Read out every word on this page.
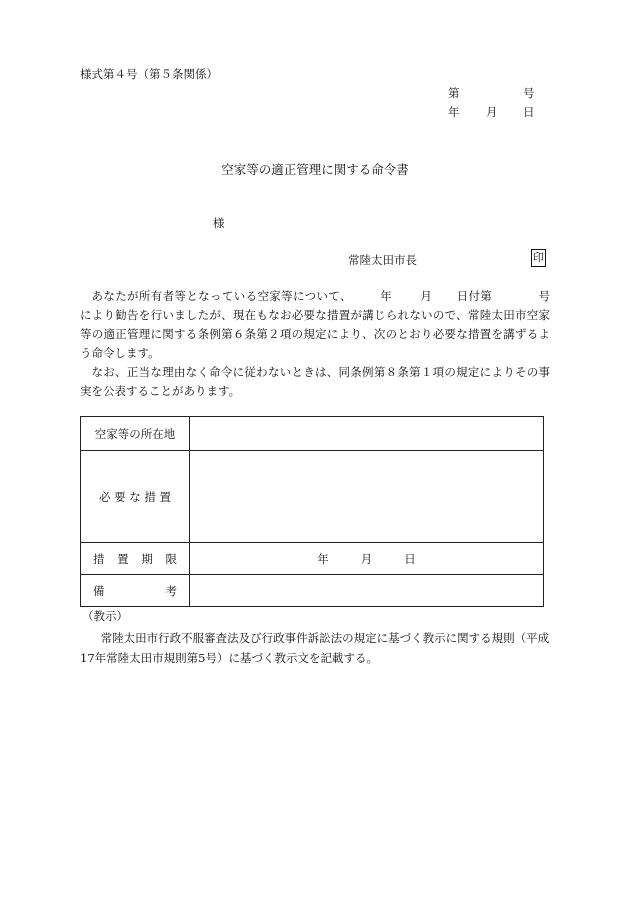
様式第４号（第５条関係）
第	号
年 月 日
空家等の適正管理に関する命令書
様
常陸太田市長	印

あなたが所有者等となっている空家等について、 年 月 日付第	号により勧告を行いましたが、現在もなお必要な措置が講じられないので、常陸太田市空家等の適正管理に関する条例第６条第２項の規定により、次のとおり必要な措置を講ずるよう命令します。

なお、正当な理由なく命令に従わないときは、同条例第８条第１項の規定によりその事実を公表することがあります。

空家等の所在地	
必 要 な 措 置	

措 置 期 限	年 月 日

備 考	

（教示）

常陸太田市行政不服審査法及び行政事件訴訟法の規定に基づく教示に関する規則（平成17年常陸太田市規則第5号）に基づく教示文を記載する。
